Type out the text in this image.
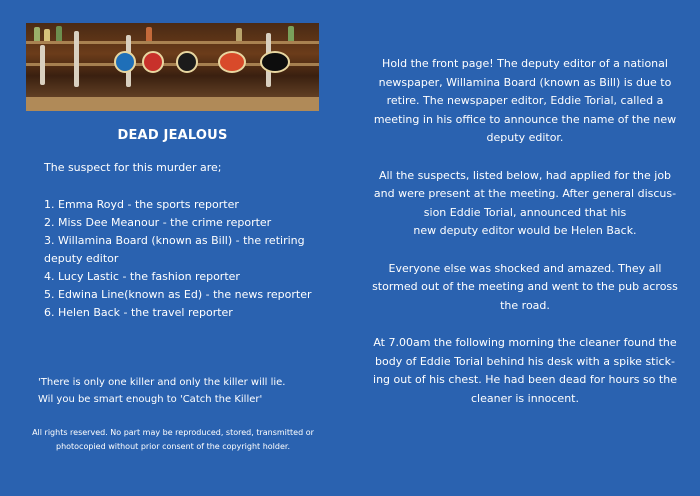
DEAD JEALOUS
The suspect for this murder are;
1. Emma Royd - the sports reporter
2. Miss Dee Meanour - the crime reporter
3. Willamina Board (known as Bill) - the retiring deputy editor
4. Lucy Lastic - the fashion reporter
5. Edwina Line(known as Ed) - the news reporter
6. Helen Back - the travel reporter
'There is only one killer and only the killer will lie.
Wil you be smart enough to 'Catch the Killer'
All rights reserved. No part may be reproduced, stored, transmitted or photocopied without prior consent of the copyright holder.

Hold the front page! The deputy editor of a national newspaper, Willamina Board (known as Bill) is due to retire. The newspaper editor, Eddie Torial, called a meeting in his office to announce the name of the new deputy editor.

All the suspects, listed below, had applied for the job and were present at the meeting. After general discus-sion Eddie Torial, announced that his
new deputy editor would be Helen Back.

Everyone else was shocked and amazed. They all stormed out of the meeting and went to the pub across the road.

At 7.00am the following morning the cleaner found the body of Eddie Torial behind his desk with a spike stick-ing out of his chest. He had been dead for hours so the cleaner is innocent.
